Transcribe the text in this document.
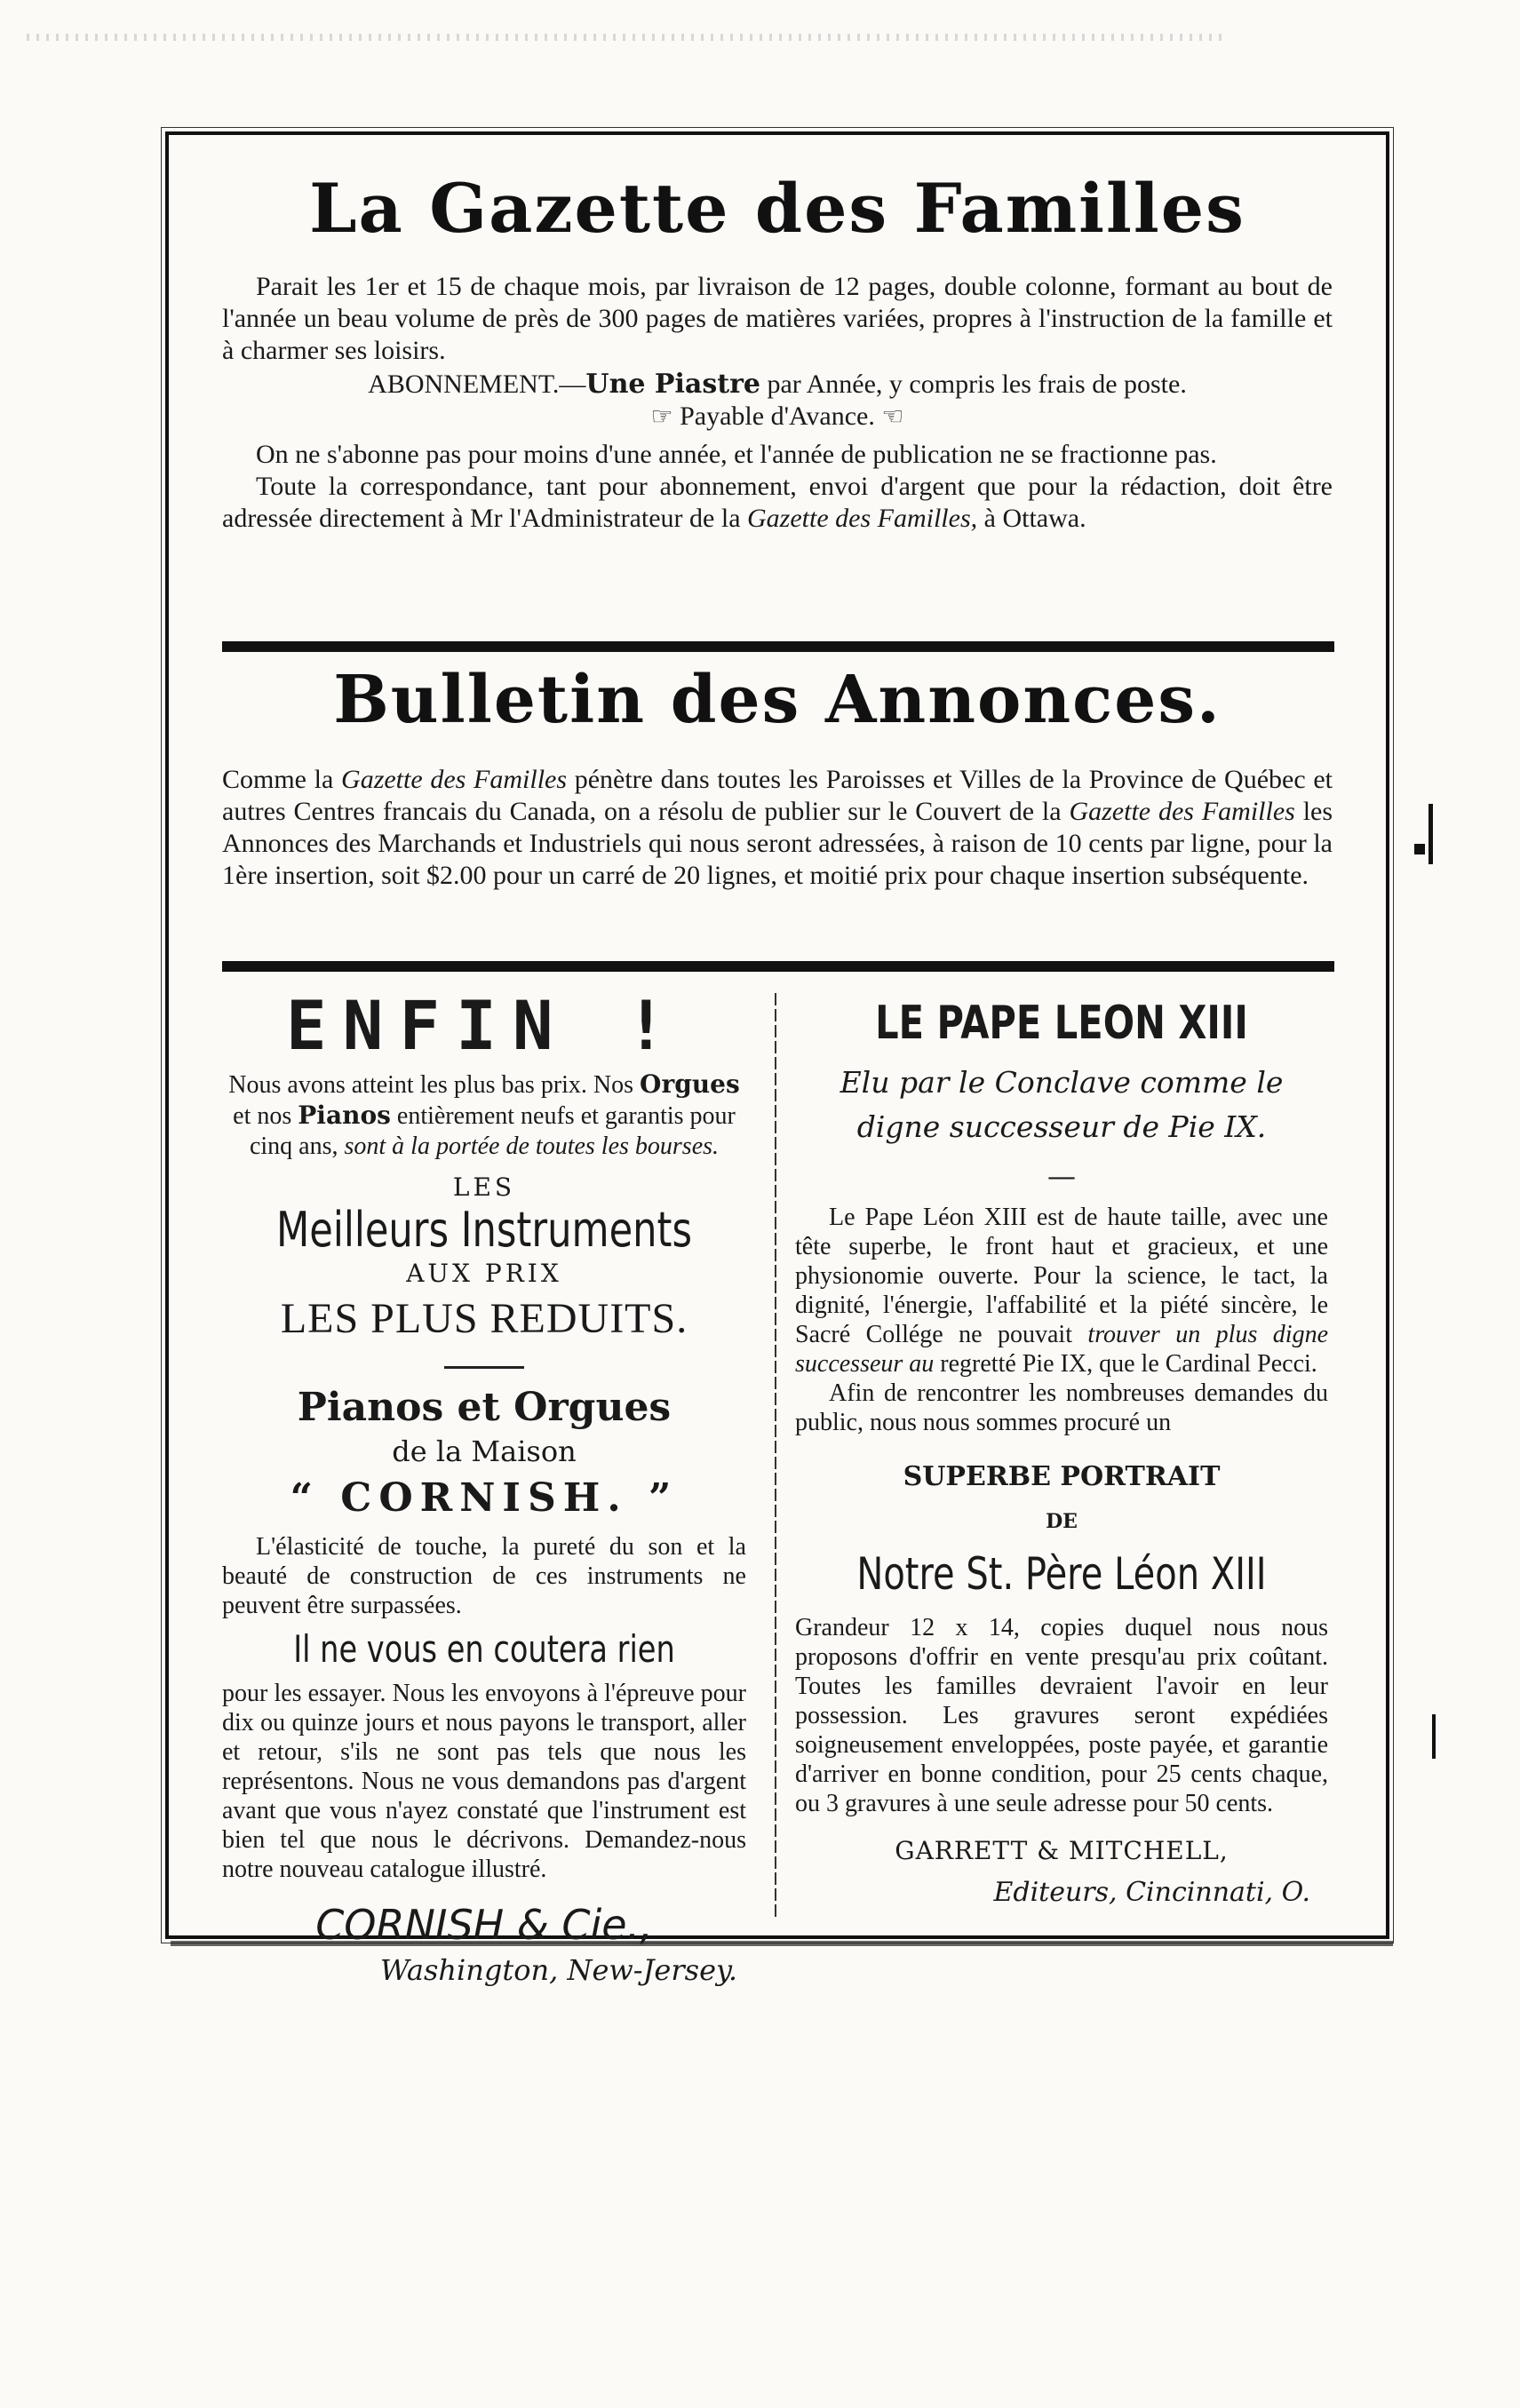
La Gazette des Familles

Parait les 1er et 15 de chaque mois, par livraison de 12 pages, double colonne, formant au bout de l'année un beau volume de près de 300 pages de matières variées, propres à l'instruction de la famille et à charmer ses loisirs.

ABONNEMENT.—Une Piastre par Année, y compris les frais de poste.

☞ Payable d'Avance. ☜

On ne s'abonne pas pour moins d'une année, et l'année de publication ne se fractionne pas.

Toute la correspondance, tant pour abonnement, envoi d'argent que pour la rédaction, doit être adressée directement à Mr l'Administrateur de la Gazette des Familles, à Ottawa.

Bulletin des Annonces.

Comme la Gazette des Familles pénètre dans toutes les Paroisses et Villes de la Province de Québec et autres Centres francais du Canada, on a résolu de publier sur le Couvert de la Gazette des Familles les Annonces des Marchands et Industriels qui nous seront adressées, à raison de 10 cents par ligne, pour la 1ère insertion, soit $2.00 pour un carré de 20 lignes, et moitié prix pour chaque insertion subséquente.

ENFIN !

Nous avons atteint les plus bas prix. Nos Orgues et nos Pianos entièrement neufs et garantis pour cinq ans, sont à la portée de toutes les bourses.

LES
Meilleurs Instruments
AUX PRIX
LES PLUS REDUITS.
Pianos et Orgues
de la Maison
“ CORNISH. ”

L'élasticité de touche, la pureté du son et la beauté de construction de ces instruments ne peuvent être surpassées.

Il ne vous en coutera rien

pour les essayer. Nous les envoyons à l'épreuve pour dix ou quinze jours et nous payons le transport, aller et retour, s'ils ne sont pas tels que nous les représentons. Nous ne vous demandons pas d'argent avant que vous n'ayez constaté que l'instrument est bien tel que nous le décrivons. Demandez-nous notre nouveau catalogue illustré.

CORNISH & Cie.,
Washington, New-Jersey.
LE PAPE LEON XIII
Elu par le Conclave comme le
digne successeur de Pie IX.
—

Le Pape Léon XIII est de haute taille, avec une tête superbe, le front haut et gracieux, et une physionomie ouverte. Pour la science, le tact, la dignité, l'énergie, l'affabilité et la piété sincère, le Sacré Collége ne pouvait trouver un plus digne successeur au regretté Pie IX, que le Cardinal Pecci.

Afin de rencontrer les nombreuses demandes du public, nous nous sommes procuré un

SUPERBE PORTRAIT
DE
Notre St. Père Léon XIII

Grandeur 12 x 14, copies duquel nous nous proposons d'offrir en vente presqu'au prix coûtant. Toutes les familles devraient l'avoir en leur possession. Les gravures seront expédiées soigneusement enveloppées, poste payée, et garantie d'arriver en bonne condition, pour 25 cents chaque, ou 3 gravures à une seule adresse pour 50 cents.

GARRETT & MITCHELL,
Editeurs, Cincinnati, O.
